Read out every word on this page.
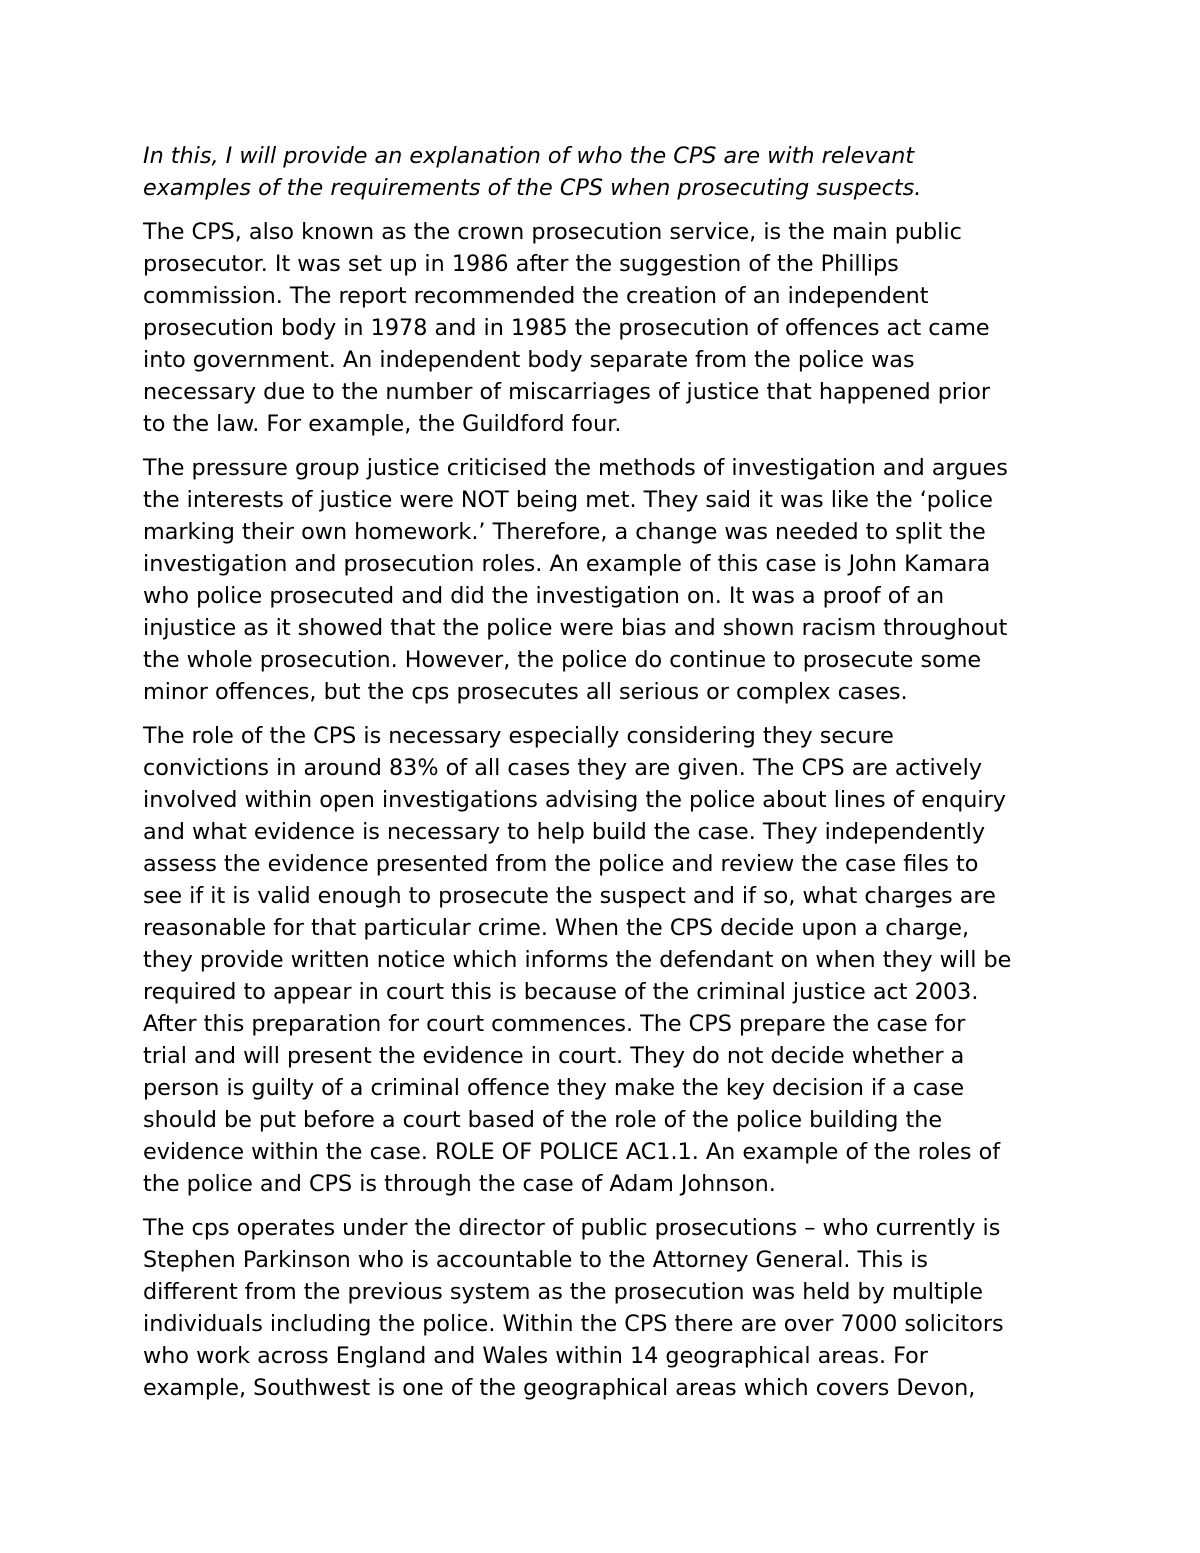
In this, I will provide an explanation of who the CPS are with relevant
examples of the requirements of the CPS when prosecuting suspects.

The CPS, also known as the crown prosecution service, is the main public
prosecutor. It was set up in 1986 after the suggestion of the Phillips
commission. The report recommended the creation of an independent
prosecution body in 1978 and in 1985 the prosecution of offences act came
into government. An independent body separate from the police was
necessary due to the number of miscarriages of justice that happened prior
to the law. For example, the Guildford four.

The pressure group justice criticised the methods of investigation and argues
the interests of justice were NOT being met. They said it was like the ‘police
marking their own homework.’ Therefore, a change was needed to split the
investigation and prosecution roles. An example of this case is John Kamara
who police prosecuted and did the investigation on. It was a proof of an
injustice as it showed that the police were bias and shown racism throughout
the whole prosecution. However, the police do continue to prosecute some
minor offences, but the cps prosecutes all serious or complex cases.

The role of the CPS is necessary especially considering they secure
convictions in around 83% of all cases they are given. The CPS are actively
involved within open investigations advising the police about lines of enquiry
and what evidence is necessary to help build the case. They independently
assess the evidence presented from the police and review the case files to
see if it is valid enough to prosecute the suspect and if so, what charges are
reasonable for that particular crime. When the CPS decide upon a charge,
they provide written notice which informs the defendant on when they will be
required to appear in court this is because of the criminal justice act 2003.
After this preparation for court commences. The CPS prepare the case for
trial and will present the evidence in court. They do not decide whether a
person is guilty of a criminal offence they make the key decision if a case
should be put before a court based of the role of the police building the
evidence within the case. ROLE OF POLICE AC1.1. An example of the roles of
the police and CPS is through the case of Adam Johnson.

The cps operates under the director of public prosecutions – who currently is
Stephen Parkinson who is accountable to the Attorney General. This is
different from the previous system as the prosecution was held by multiple
individuals including the police. Within the CPS there are over 7000 solicitors
who work across England and Wales within 14 geographical areas. For
example, Southwest is one of the geographical areas which covers Devon,
